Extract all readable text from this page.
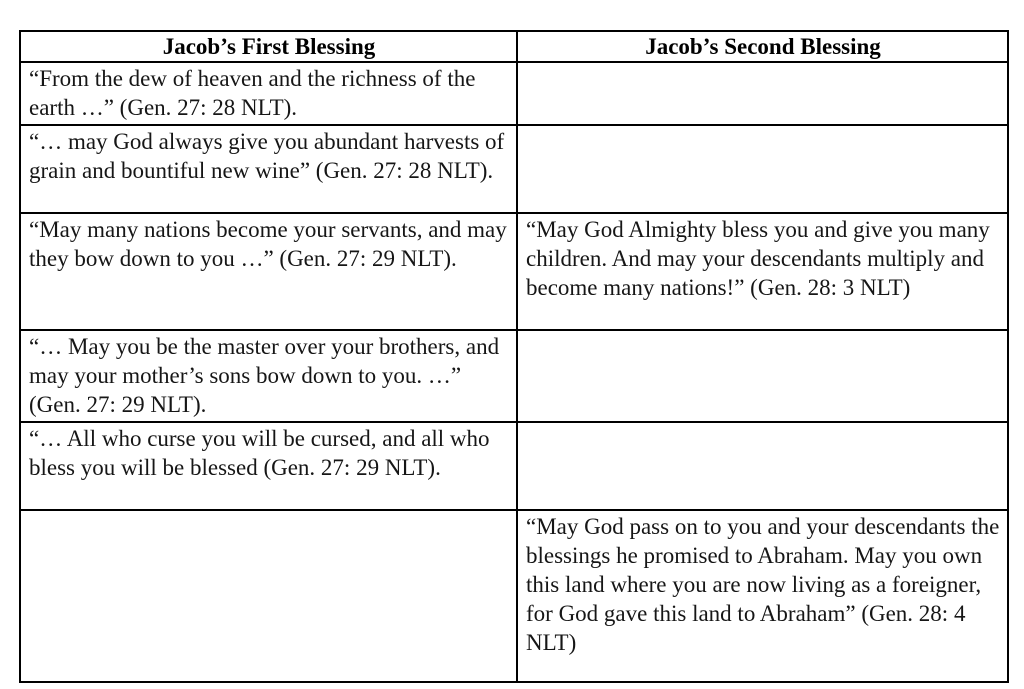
Jacob’s First Blessing	Jacob’s Second Blessing
“From the dew of heaven and the richness of the earth …” (Gen. 27: 28 NLT).	
“… may God always give you abundant harvests of grain and bountiful new wine” (Gen. 27: 28 NLT).	
“May many nations become your servants, and may they bow down to you …” (Gen. 27: 29 NLT).	“May God Almighty bless you and give you many children. And may your descendants multiply and become many nations!” (Gen. 28: 3 NLT)
“… May you be the master over your brothers, and may your mother’s sons bow down to you. …” (Gen. 27: 29 NLT).	
“… All who curse you will be cursed, and all who bless you will be blessed (Gen. 27: 29 NLT).	
	“May God pass on to you and your descendants the blessings he promised to Abraham. May you own this land where you are now living as a foreigner, for God gave this land to Abraham” (Gen. 28: 4 NLT)
